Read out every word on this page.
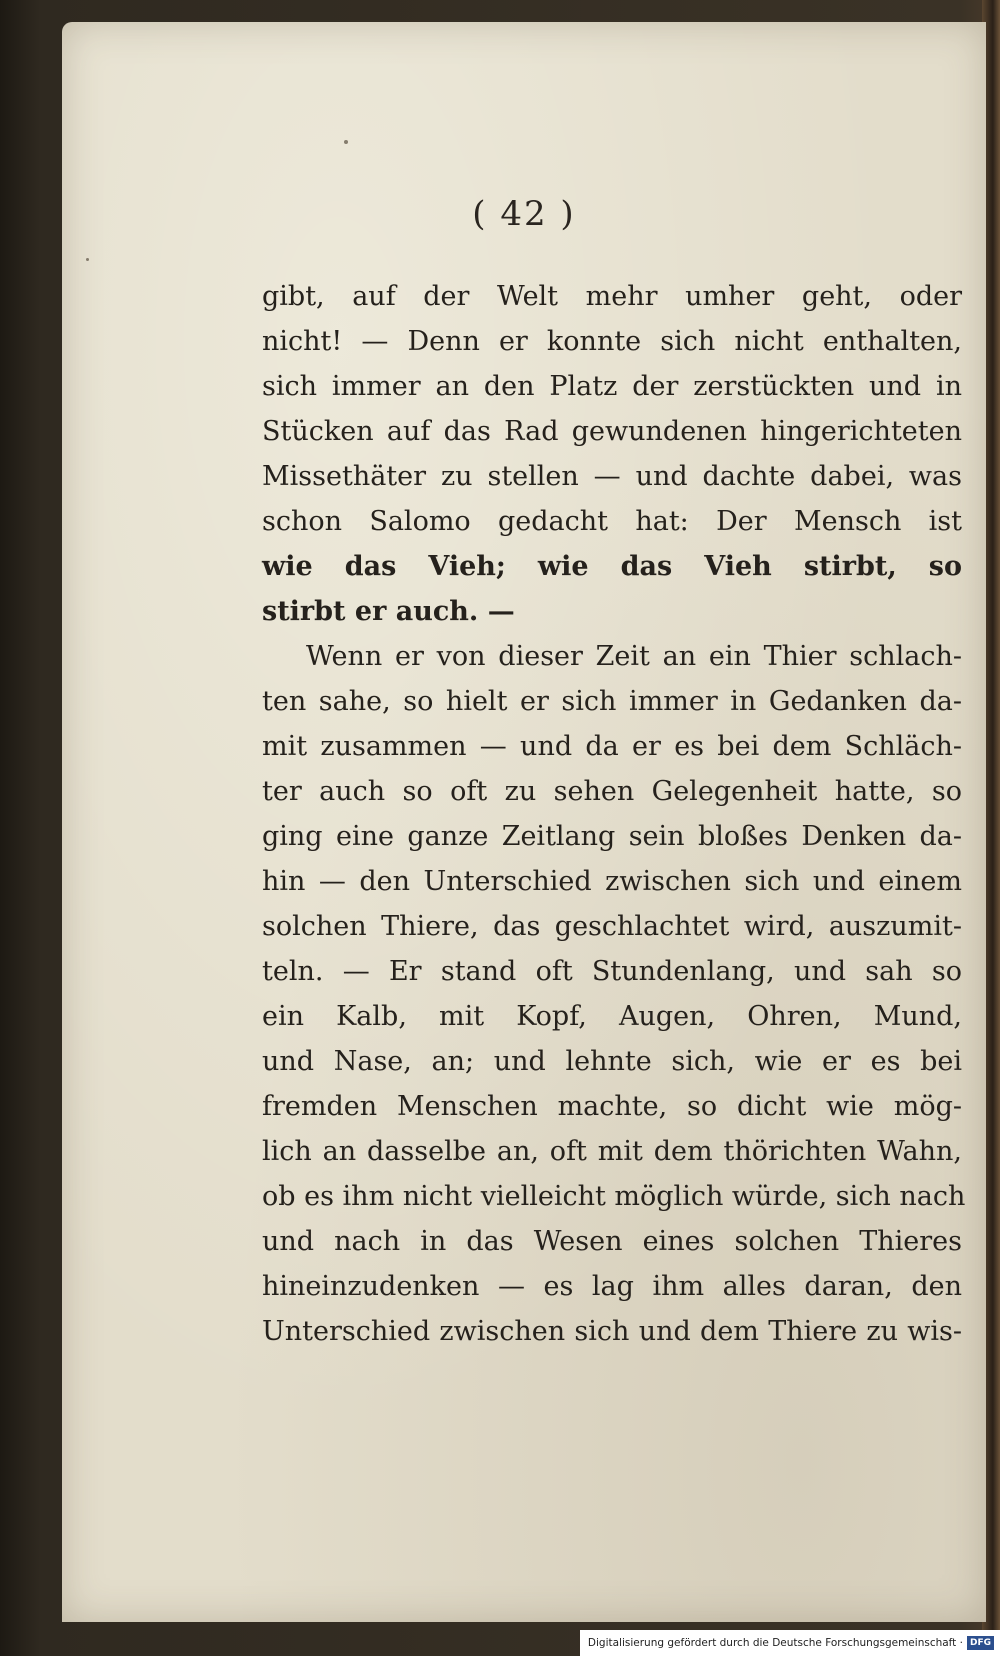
( 42 )
gibt, auf der Welt mehr umher geht, oder
nicht! — Denn er konnte sich nicht enthalten,
sich immer an den Platz der zerstückten und in
Stücken auf das Rad gewundenen hingerichteten
Missethäter zu stellen — und dachte dabei, was
schon Salomo gedacht hat: Der Mensch ist
wie das Vieh; wie das Vieh stirbt, so
stirbt er auch. —
Wenn er von dieser Zeit an ein Thier schlach-
ten sahe, so hielt er sich immer in Gedanken da-
mit zusammen — und da er es bei dem Schläch-
ter auch so oft zu sehen Gelegenheit hatte, so
ging eine ganze Zeitlang sein bloßes Denken da-
hin — den Unterschied zwischen sich und einem
solchen Thiere, das geschlachtet wird, auszumit-
teln. — Er stand oft Stundenlang, und sah so
ein Kalb, mit Kopf, Augen, Ohren, Mund,
und Nase, an; und lehnte sich, wie er es bei
fremden Menschen machte, so dicht wie mög-
lich an dasselbe an, oft mit dem thörichten Wahn,
ob es ihm nicht vielleicht möglich würde, sich nach
und nach in das Wesen eines solchen Thieres
hineinzudenken — es lag ihm alles daran, den
Unterschied zwischen sich und dem Thiere zu wis-
Digitalisierung gefördert durch die Deutsche Forschungsgemeinschaft · DFG
